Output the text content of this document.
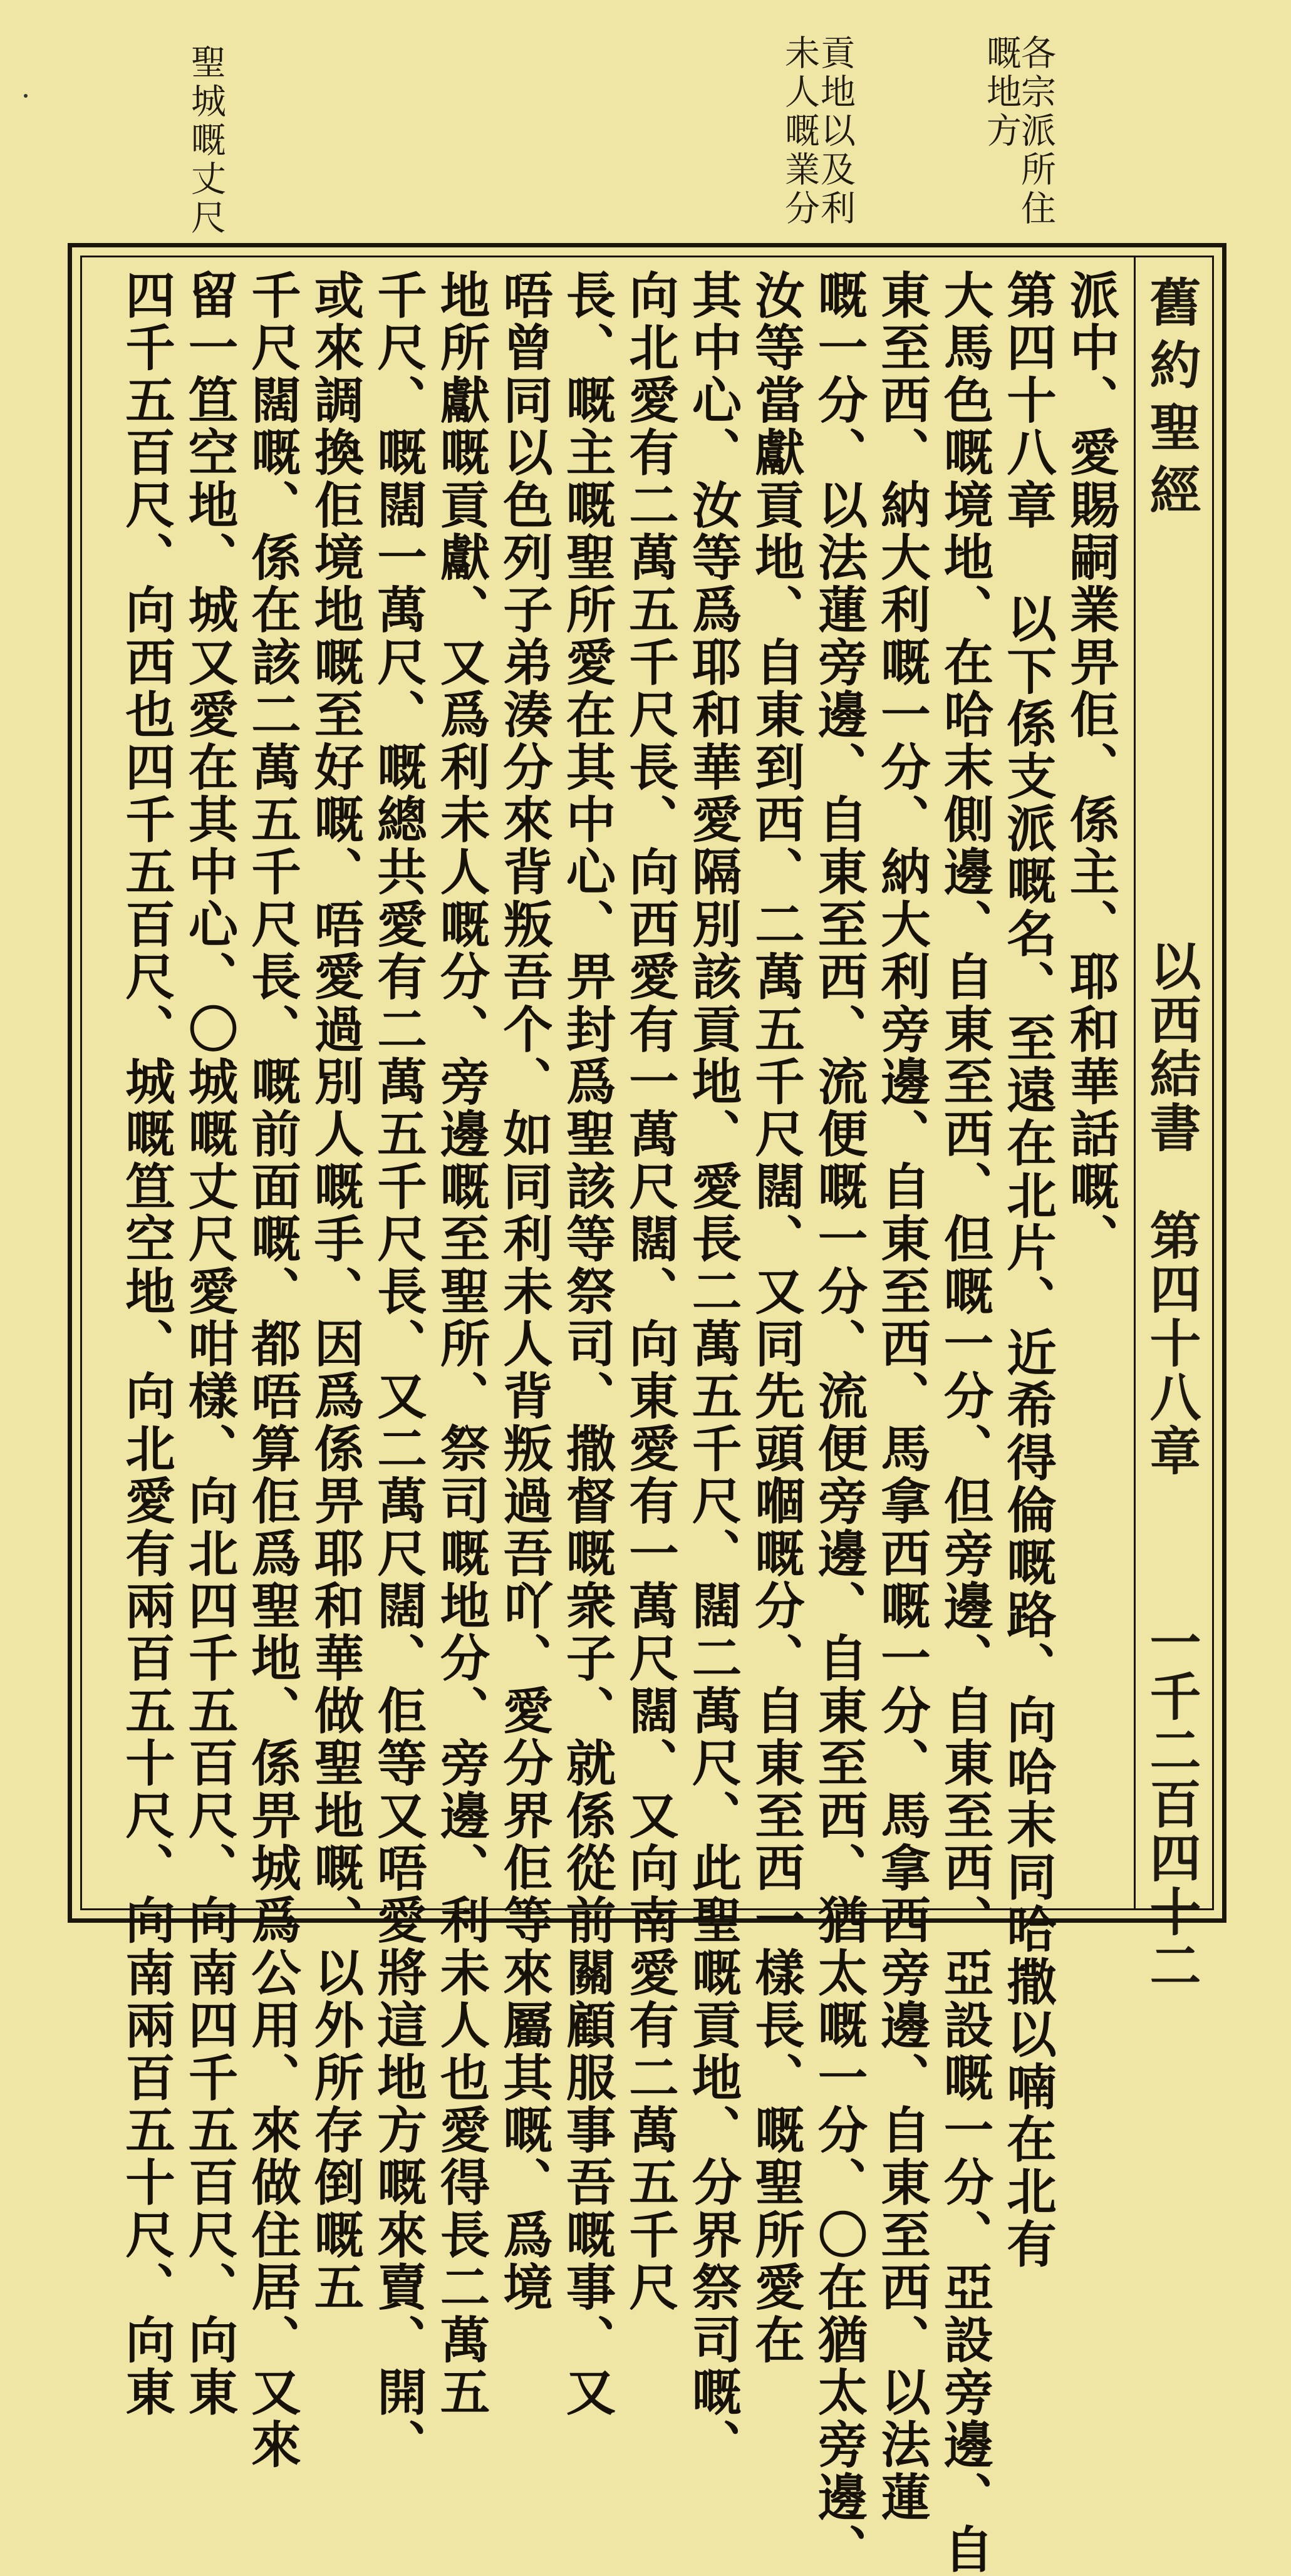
各宗派所住
嘅地方
貢地以及利
未人嘅業分
聖城嘅丈尺
舊約聖經
以西結書　第四十八章
一千二百四十二
派中、愛賜嗣業畀佢、係主、耶和華話嘅、
第四十八章 以下係支派嘅名、至遠在北片、近希得倫嘅路、向哈末同哈撒以喃在北有
大馬色嘅境地、在哈末側邊、自東至西、但嘅一分、但旁邊、自東至西、亞設嘅一分、亞設旁邊、自
東至西、納大利嘅一分、納大利旁邊、自東至西、馬拿西嘅一分、馬拿西旁邊、自東至西、以法蓮
嘅一分、以法蓮旁邊、自東至西、流便嘅一分、流便旁邊、自東至西、猶太嘅一分、〇在猶太旁邊、
汝等當獻貢地、自東到西、二萬五千尺闊、又同先頭嗰嘅分、自東至西一樣長、嘅聖所愛在
其中心、汝等爲耶和華愛隔別該貢地、愛長二萬五千尺、闊二萬尺、此聖嘅貢地、分界祭司嘅、
向北愛有二萬五千尺長、向西愛有一萬尺闊、向東愛有一萬尺闊、又向南愛有二萬五千尺
長、嘅主嘅聖所愛在其中心、畀封爲聖該等祭司、撒督嘅衆子、就係從前關顧服事吾嘅事、又
唔曾同以色列子弟湊分來背叛吾个、如同利未人背叛過吾吖、愛分界佢等來屬其嘅、爲境
地所獻嘅貢獻、又爲利未人嘅分、旁邊嘅至聖所、祭司嘅地分、旁邊、利未人也愛得長二萬五
千尺、嘅闊一萬尺、嘅總共愛有二萬五千尺長、又二萬尺闊、佢等又唔愛將這地方嘅來賣、開、
或來調換佢境地嘅至好嘅、唔愛過別人嘅手、因爲係畀耶和華做聖地嘅、以外所存倒嘅五
千尺闊嘅、係在該二萬五千尺長、嘅前面嘅、都唔算佢爲聖地、係畀城爲公用、來做住居、又來
留一笪空地、城又愛在其中心、〇城嘅丈尺愛咁樣、向北四千五百尺、向南四千五百尺、向東
四千五百尺、向西也四千五百尺、城嘅笪空地、向北愛有兩百五十尺、向南兩百五十尺、向東
